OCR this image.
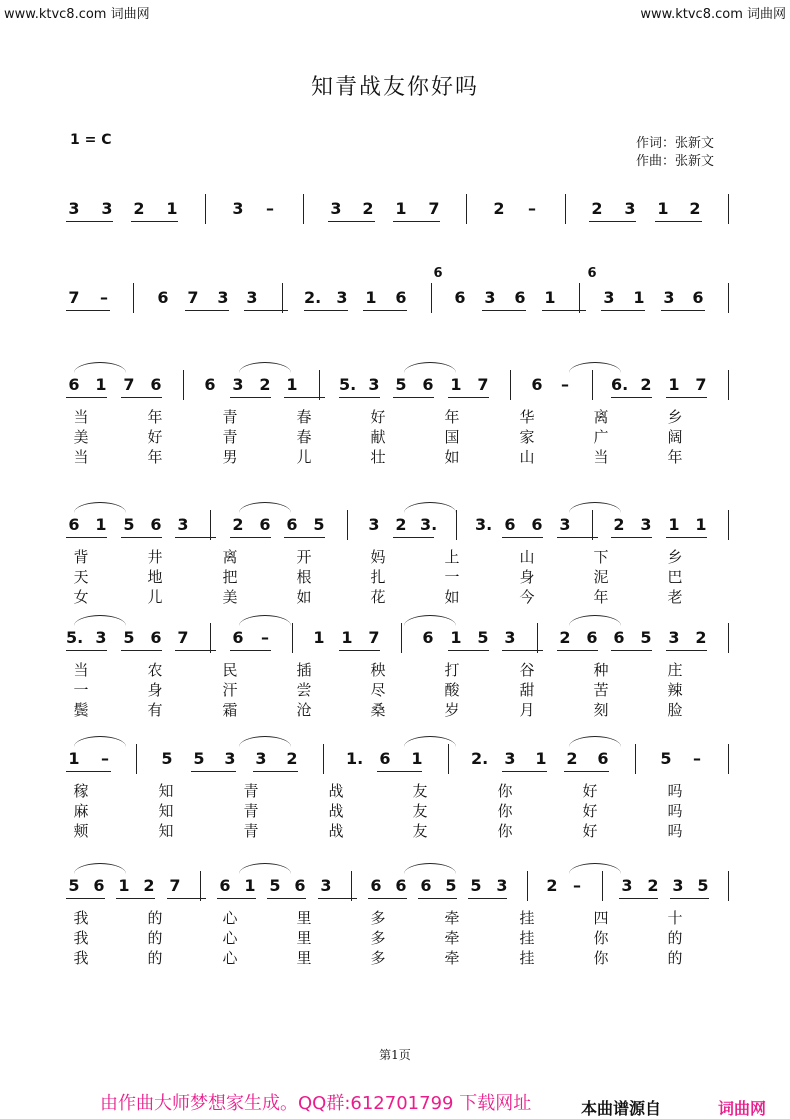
www.ktvc8.com 词曲网	www.ktvc8.com 词曲网
知青战友你好吗
1 = C	作词：张新文
作曲：张新文
3 3 2 1	3 –	3 2 1 7	2 –	2 3 1 2
7 –	6 7 3 3	2. 3 1 6	6 3 6 1	3 1 3 6
6 1 7 6	6 3 2 1	5. 3 5 6 1 7	6 –	6. 2 1 7
当	年	青	春	好	年	华	离	乡
美	好	青	春	献	国	家	广	阔
当	年	男	儿	壮	如	山	当	年
6 1 5 6 3	2 6 6 5	3 2 3. 3. 6 6 3	2 3 1 1
背	井	离	开	妈	上	山	下	乡
天	地	把	根	扎	一	身	泥	巴
女	儿	美	如	花	如	今	年	老
5. 3 5 6 7	6 –	1 1 7	6 1 5 3	2 6 6 5 3 2
当	农	民	插	秧	打	谷	种	庄
一	身	汗	尝	尽	酸	甜	苦	辣
鬓	有	霜	沧	桑	岁	月	刻	脸
1 –	5 5 3 3 2	1. 6 1	2. 3 1 2 6	5 –
稼	知	青	战	友	你	好	吗
麻	知	青	战	友	你	好	吗
颊	知	青	战	友	你	好	吗
5 6 1 2 7 6 1 5 6 3 6 6 6 5 5 3 2 –	3 2 3 5
我	的	心	里	多	牵	挂	四	十
我	的	心	里	多	牵	挂	你	的
我	的	心	里	多	牵	挂	你	的
6	6
第1页
由作曲大师梦想家生成。QQ群:612701799 下载网址	本曲谱源自	词曲网
